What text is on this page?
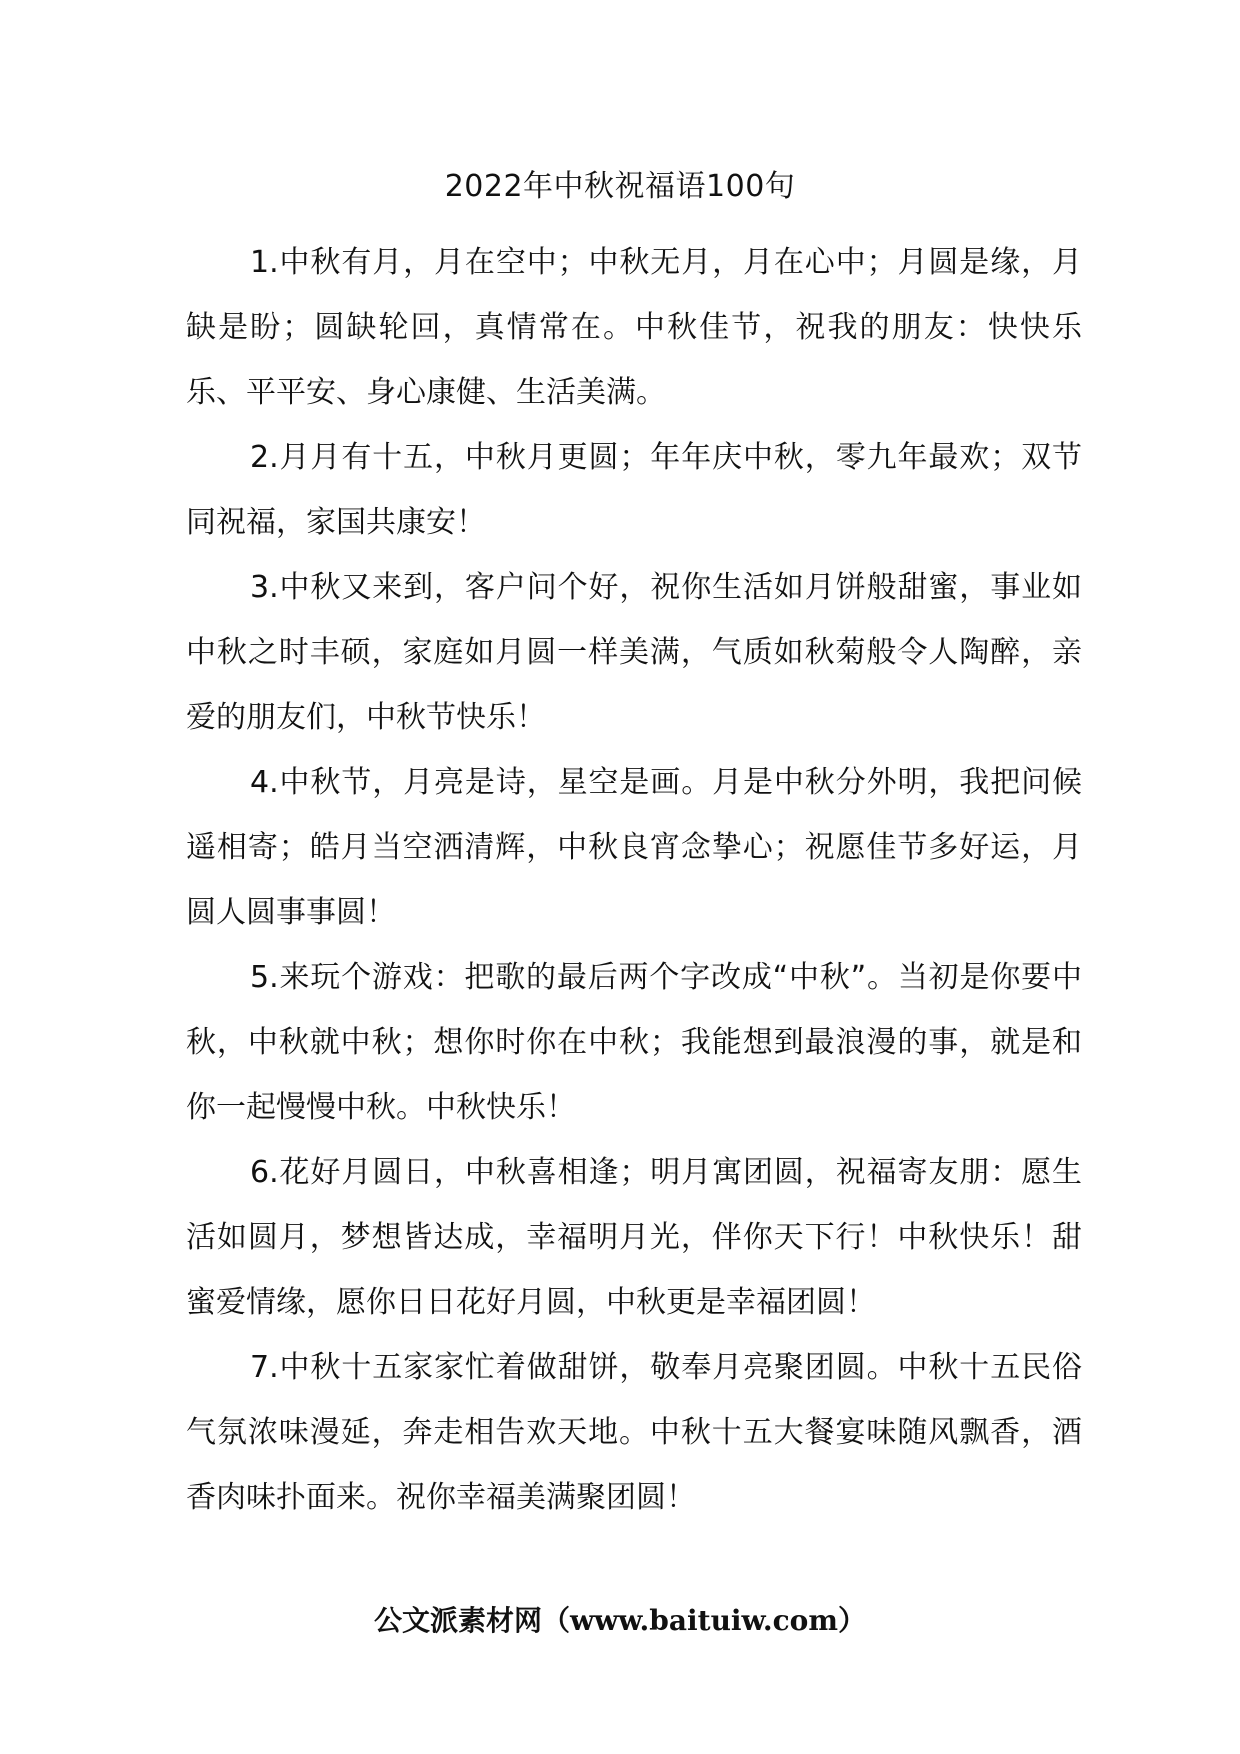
2022年中秋祝福语100句

1.中秋有月，月在空中；中秋无月，月在心中；月圆是缘，月缺是盼；圆缺轮回，真情常在。中秋佳节，祝我的朋友：快快乐乐、平平安、身心康健、生活美满。

2.月月有十五，中秋月更圆；年年庆中秋，零九年最欢；双节同祝福，家国共康安！

3.中秋又来到，客户问个好，祝你生活如月饼般甜蜜，事业如中秋之时丰硕，家庭如月圆一样美满，气质如秋菊般令人陶醉，亲爱的朋友们，中秋节快乐！

4.中秋节，月亮是诗，星空是画。月是中秋分外明，我把问候遥相寄；皓月当空洒清辉，中秋良宵念挚心；祝愿佳节多好运，月圆人圆事事圆！

5.来玩个游戏：把歌的最后两个字改成“中秋”。当初是你要中秋，中秋就中秋；想你时你在中秋；我能想到最浪漫的事，就是和你一起慢慢中秋。中秋快乐！

6.花好月圆日，中秋喜相逢；明月寓团圆，祝福寄友朋：愿生活如圆月，梦想皆达成，幸福明月光，伴你天下行！中秋快乐！甜蜜爱情缘，愿你日日花好月圆，中秋更是幸福团圆！

7.中秋十五家家忙着做甜饼，敬奉月亮聚团圆。中秋十五民俗气氛浓味漫延，奔走相告欢天地。中秋十五大餐宴味随风飘香，酒香肉味扑面来。祝你幸福美满聚团圆！

公文派素材网（www.baituiw.com）
